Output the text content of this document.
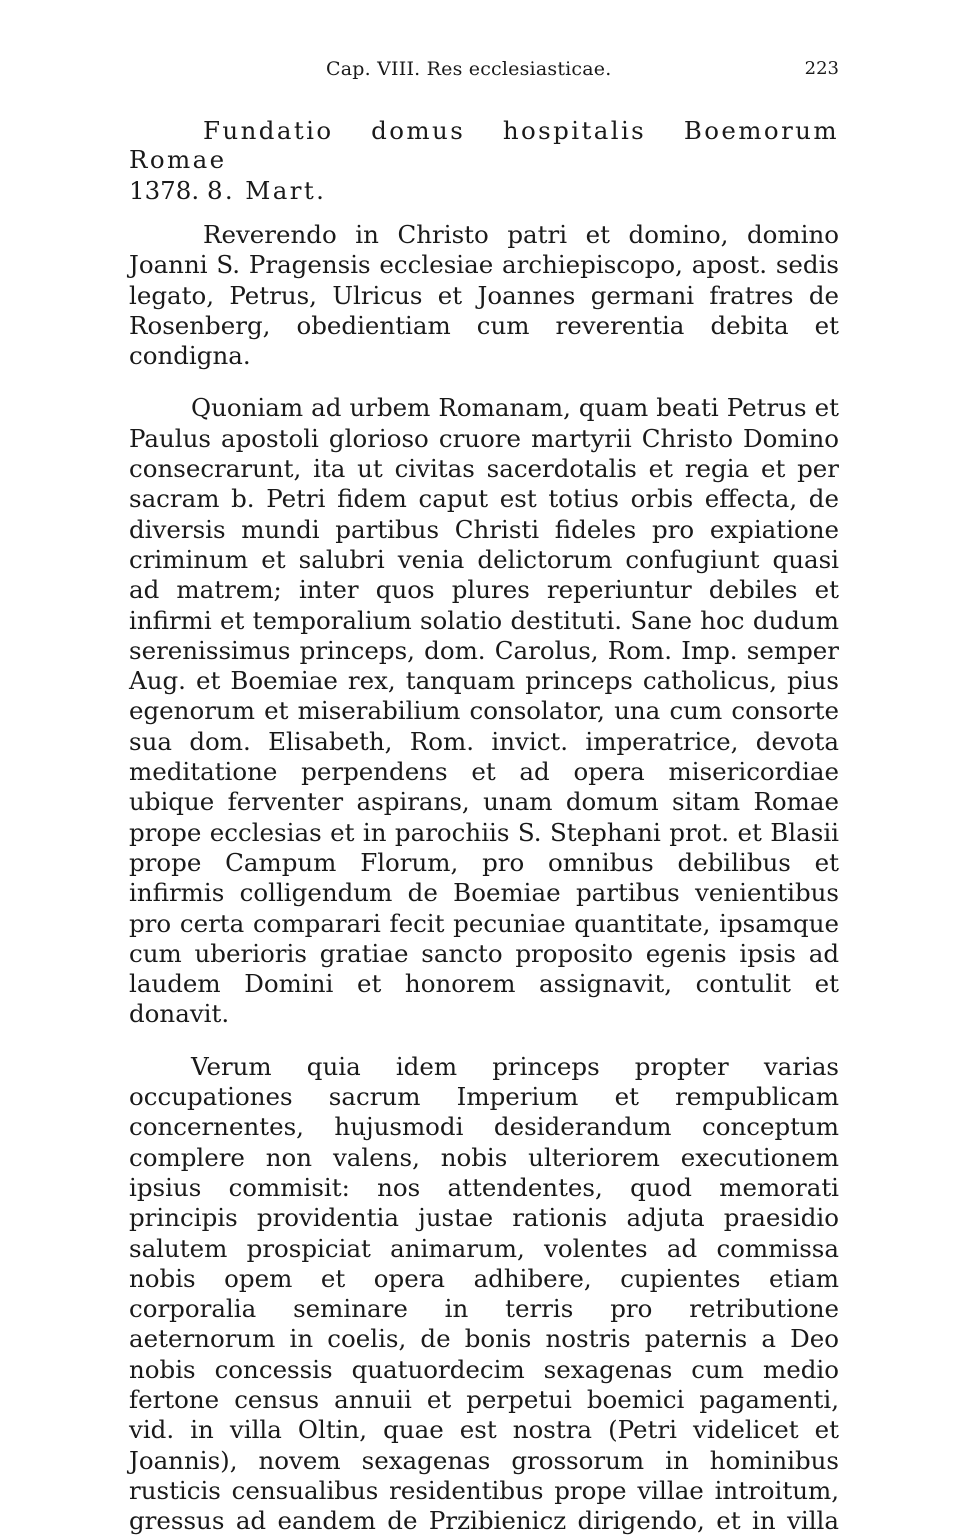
Cap. VIII. Res ecclesiasticae.	223
Fundatio domus hospitalis Boemorum Romae
1378. 8. Mart.

Reverendo in Christo patri et domino, domino Joanni S. Pragensis ecclesiae archiepiscopo, apost. sedis legato, Petrus, Ulricus et Joannes germani fratres de Rosenberg, obedientiam cum reverentia debita et condigna.

Quoniam ad urbem Romanam, quam beati Petrus et Paulus apostoli glorioso cruore martyrii Christo Domino consecrarunt, ita ut civitas sacerdotalis et regia et per sacram b. Petri fidem caput est totius orbis effecta, de diversis mundi partibus Christi fideles pro expiatione criminum et salubri venia delictorum confugiunt quasi ad matrem; inter quos plures reperiuntur debiles et infirmi et temporalium solatio destituti. Sane hoc dudum serenissimus princeps, dom. Carolus, Rom. Imp. semper Aug. et Boemiae rex, tanquam princeps catholicus, pius egenorum et miserabilium consolator, una cum consorte sua dom. Elisabeth, Rom. invict. imperatrice, devota meditatione perpendens et ad opera misericordiae ubique ferventer aspirans, unam domum sitam Romae prope ecclesias et in parochiis S. Stephani prot. et Blasii prope Campum Florum, pro omnibus debilibus et infirmis colligendum de Boemiae partibus venientibus pro certa comparari fecit pecuniae quantitate, ipsamque cum uberioris gratiae sancto proposito egenis ipsis ad laudem Domini et honorem assignavit, contulit et donavit.

Verum quia idem princeps propter varias occupationes sacrum Imperium et rempublicam concernentes, hujusmodi desiderandum conceptum complere non valens, nobis ulteriorem executionem ipsius commisit: nos attendentes, quod memorati principis providentia justae rationis adjuta praesidio salutem prospiciat animarum, volentes ad commissa nobis opem et opera adhibere, cupientes etiam corporalia seminare in terris pro retributione aeternorum in coelis, de bonis nostris paternis a Deo nobis concessis quatuordecim sexagenas cum medio fertone census annuii et perpetui boemici pagamenti, vid. in villa Oltin, quae est nostra (Petri videlicet et Joannis), novem sexagenas grossorum in hominibus rusticis censualibus residentibus prope villae introitum, gressus ad eandem de Przibienicz dirigendo, et in villa
